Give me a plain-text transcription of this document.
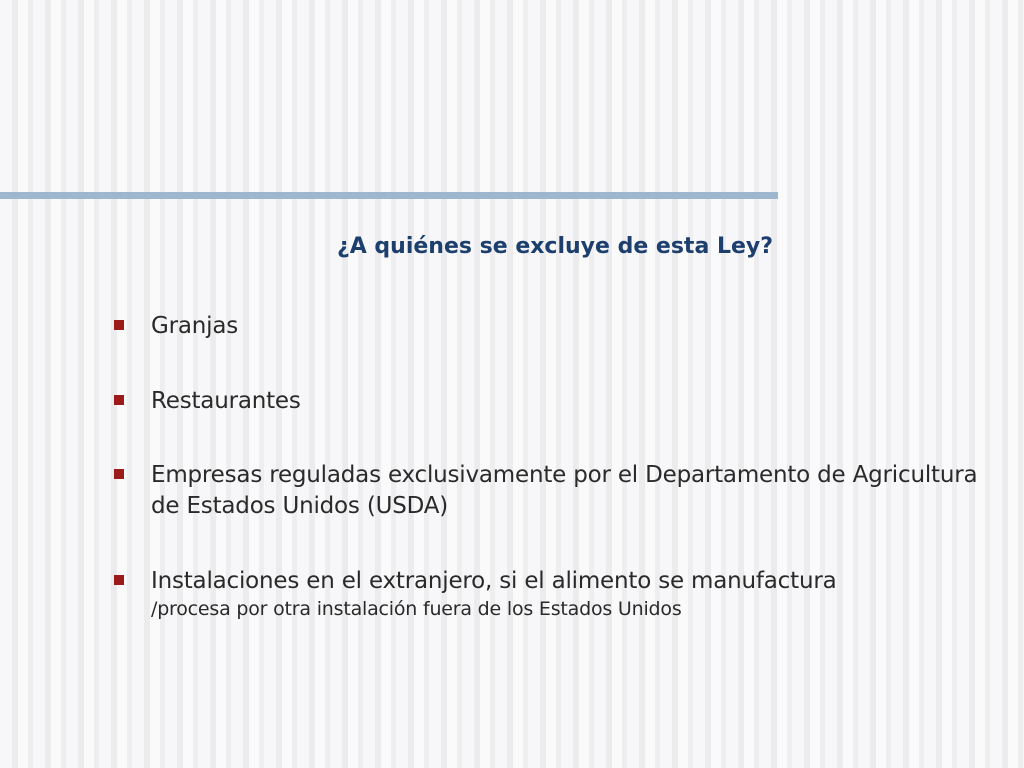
¿A quiénes se excluye de esta Ley?
Granjas
Restaurantes
Empresas reguladas exclusivamente por el Departamento de Agricultura de Estados Unidos (USDA)
Instalaciones en el extranjero, si el alimento se manufactura
/procesa por otra instalación fuera de los Estados Unidos
